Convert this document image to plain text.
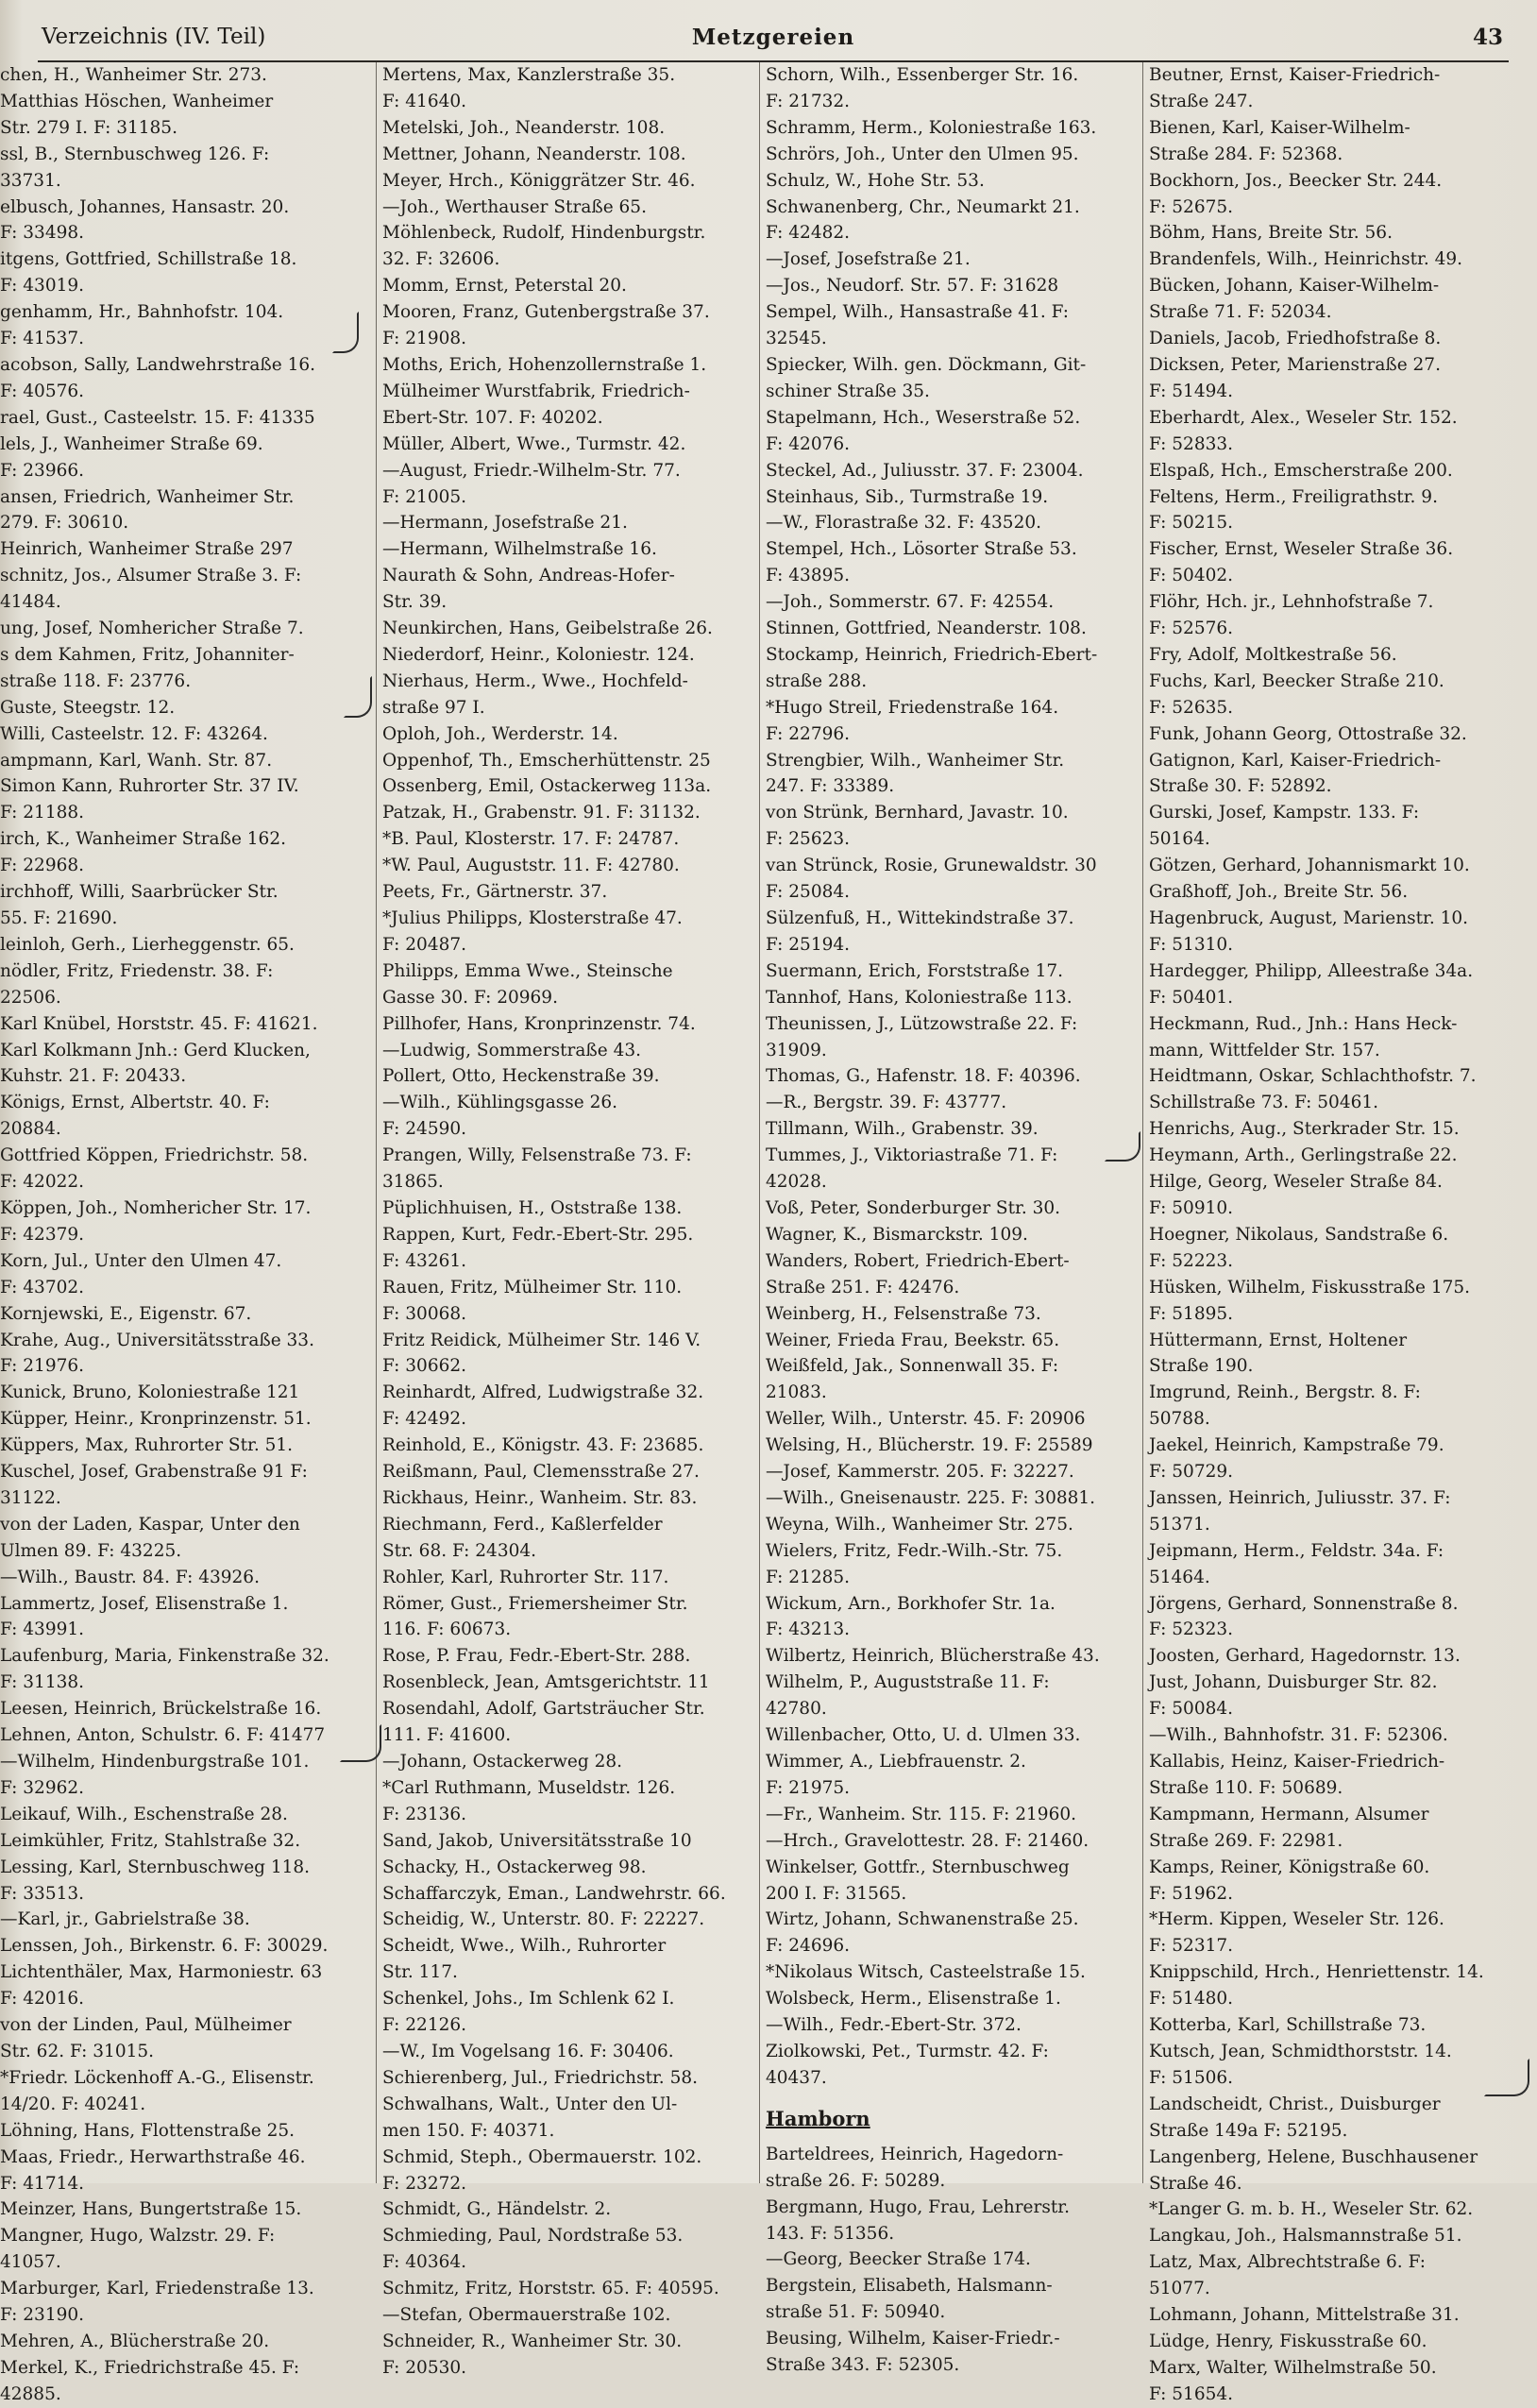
Verzeichnis (IV. Teil)	Metzgereien	43
chen, H., Wanheimer Str. 273.
Matthias Höschen, Wanheimer
Str. 279 I. F: 31185.
ssl, B., Sternbuschweg 126. F:
33731.
elbusch, Johannes, Hansastr. 20.
F: 33498.
itgens, Gottfried, Schillstraße 18.
F: 43019.
genhamm, Hr., Bahnhofstr. 104.
F: 41537.
acobson, Sally, Landwehrstraße 16.
F: 40576.
rael, Gust., Casteelstr. 15. F: 41335
lels, J., Wanheimer Straße 69.
F: 23966.
ansen, Friedrich, Wanheimer Str.
279. F: 30610.
Heinrich, Wanheimer Straße 297
schnitz, Jos., Alsumer Straße 3. F:
41484.
ung, Josef, Nomhericher Straße 7.
s dem Kahmen, Fritz, Johanniter-
straße 118. F: 23776.
Guste, Steegstr. 12.
Willi, Casteelstr. 12. F: 43264.
ampmann, Karl, Wanh. Str. 87.
Simon Kann, Ruhrorter Str. 37 IV.
F: 21188.
irch, K., Wanheimer Straße 162.
F: 22968.
irchhoff, Willi, Saarbrücker Str.
55. F: 21690.
leinloh, Gerh., Lierheggenstr. 65.
nödler, Fritz, Friedenstr. 38. F:
22506.
Karl Knübel, Horststr. 45. F: 41621.
Karl Kolkmann Jnh.: Gerd Klucken,
Kuhstr. 21. F: 20433.
Königs, Ernst, Albertstr. 40. F:
20884.
Gottfried Köppen, Friedrichstr. 58.
F: 42022.
Köppen, Joh., Nomhericher Str. 17.
F: 42379.
Korn, Jul., Unter den Ulmen 47.
F: 43702.
Kornjewski, E., Eigenstr. 67.
Krahe, Aug., Universitätsstraße 33.
F: 21976.
Kunick, Bruno, Koloniestraße 121
Küpper, Heinr., Kronprinzenstr. 51.
Küppers, Max, Ruhrorter Str. 51.
Kuschel, Josef, Grabenstraße 91 F:
31122.
von der Laden, Kaspar, Unter den
Ulmen 89. F: 43225.
—Wilh., Baustr. 84. F: 43926.
Lammertz, Josef, Elisenstraße 1.
F: 43991.
Laufenburg, Maria, Finkenstraße 32.
F: 31138.
Leesen, Heinrich, Brückelstraße 16.
Lehnen, Anton, Schulstr. 6. F: 41477
—Wilhelm, Hindenburgstraße 101.
F: 32962.
Leikauf, Wilh., Eschenstraße 28.
Leimkühler, Fritz, Stahlstraße 32.
Lessing, Karl, Sternbuschweg 118.
F: 33513.
—Karl, jr., Gabrielstraße 38.
Lenssen, Joh., Birkenstr. 6. F: 30029.
Lichtenthäler, Max, Harmoniestr. 63
F: 42016.
von der Linden, Paul, Mülheimer
Str. 62. F: 31015.
*Friedr. Löckenhoff A.-G., Elisenstr.
14/20. F: 40241.
Löhning, Hans, Flottenstraße 25.
Maas, Friedr., Herwarthstraße 46.
F: 41714.
Meinzer, Hans, Bungertstraße 15.
Mangner, Hugo, Walzstr. 29. F:
41057.
Marburger, Karl, Friedenstraße 13.
F: 23190.
Mehren, A., Blücherstraße 20.
Merkel, K., Friedrichstraße 45. F:
42885.
Mertens, Max, Kanzlerstraße 35.
F: 41640.
Metelski, Joh., Neanderstr. 108.
Mettner, Johann, Neanderstr. 108.
Meyer, Hrch., Königgrätzer Str. 46.
—Joh., Werthauser Straße 65.
Möhlenbeck, Rudolf, Hindenburgstr.
32. F: 32606.
Momm, Ernst, Peterstal 20.
Mooren, Franz, Gutenbergstraße 37.
F: 21908.
Moths, Erich, Hohenzollernstraße 1.
Mülheimer Wurstfabrik, Friedrich-
Ebert-Str. 107. F: 40202.
Müller, Albert, Wwe., Turmstr. 42.
—August, Friedr.-Wilhelm-Str. 77.
F: 21005.
—Hermann, Josefstraße 21.
—Hermann, Wilhelmstraße 16.
Naurath & Sohn, Andreas-Hofer-
Str. 39.
Neunkirchen, Hans, Geibelstraße 26.
Niederdorf, Heinr., Koloniestr. 124.
Nierhaus, Herm., Wwe., Hochfeld-
straße 97 I.
Oploh, Joh., Werderstr. 14.
Oppenhof, Th., Emscherhüttenstr. 25
Ossenberg, Emil, Ostackerweg 113a.
Patzak, H., Grabenstr. 91. F: 31132.
*B. Paul, Klosterstr. 17. F: 24787.
*W. Paul, Auguststr. 11. F: 42780.
Peets, Fr., Gärtnerstr. 37.
*Julius Philipps, Klosterstraße 47.
F: 20487.
Philipps, Emma Wwe., Steinsche
Gasse 30. F: 20969.
Pillhofer, Hans, Kronprinzenstr. 74.
—Ludwig, Sommerstraße 43.
Pollert, Otto, Heckenstraße 39.
—Wilh., Kühlingsgasse 26.
F: 24590.
Prangen, Willy, Felsenstraße 73. F:
31865.
Püplichhuisen, H., Oststraße 138.
Rappen, Kurt, Fedr.-Ebert-Str. 295.
F: 43261.
Rauen, Fritz, Mülheimer Str. 110.
F: 30068.
Fritz Reidick, Mülheimer Str. 146 V.
F: 30662.
Reinhardt, Alfred, Ludwigstraße 32.
F: 42492.
Reinhold, E., Königstr. 43. F: 23685.
Reißmann, Paul, Clemensstraße 27.
Rickhaus, Heinr., Wanheim. Str. 83.
Riechmann, Ferd., Kaßlerfelder
Str. 68. F: 24304.
Rohler, Karl, Ruhrorter Str. 117.
Römer, Gust., Friemersheimer Str.
116. F: 60673.
Rose, P. Frau, Fedr.-Ebert-Str. 288.
Rosenbleck, Jean, Amtsgerichtstr. 11
Rosendahl, Adolf, Gartsträucher Str.
111. F: 41600.
—Johann, Ostackerweg 28.
*Carl Ruthmann, Museldstr. 126.
F: 23136.
Sand, Jakob, Universitätsstraße 10
Schacky, H., Ostackerweg 98.
Schaffarczyk, Eman., Landwehrstr. 66.
Scheidig, W., Unterstr. 80. F: 22227.
Scheidt, Wwe., Wilh., Ruhrorter
Str. 117.
Schenkel, Johs., Im Schlenk 62 I.
F: 22126.
—W., Im Vogelsang 16. F: 30406.
Schierenberg, Jul., Friedrichstr. 58.
Schwalhans, Walt., Unter den Ul-
men 150. F: 40371.
Schmid, Steph., Obermauerstr. 102.
F: 23272.
Schmidt, G., Händelstr. 2.
Schmieding, Paul, Nordstraße 53.
F: 40364.
Schmitz, Fritz, Horststr. 65. F: 40595.
—Stefan, Obermauerstraße 102.
Schneider, R., Wanheimer Str. 30.
F: 20530.
Schorn, Wilh., Essenberger Str. 16.
F: 21732.
Schramm, Herm., Koloniestraße 163.
Schrörs, Joh., Unter den Ulmen 95.
Schulz, W., Hohe Str. 53.
Schwanenberg, Chr., Neumarkt 21.
F: 42482.
—Josef, Josefstraße 21.
—Jos., Neudorf. Str. 57. F: 31628
Sempel, Wilh., Hansastraße 41. F:
32545.
Spiecker, Wilh. gen. Döckmann, Git-
schiner Straße 35.
Stapelmann, Hch., Weserstraße 52.
F: 42076.
Steckel, Ad., Juliusstr. 37. F: 23004.
Steinhaus, Sib., Turmstraße 19.
—W., Florastraße 32. F: 43520.
Stempel, Hch., Lösorter Straße 53.
F: 43895.
—Joh., Sommerstr. 67. F: 42554.
Stinnen, Gottfried, Neanderstr. 108.
Stockamp, Heinrich, Friedrich-Ebert-
straße 288.
*Hugo Streil, Friedenstraße 164.
F: 22796.
Strengbier, Wilh., Wanheimer Str.
247. F: 33389.
von Strünk, Bernhard, Javastr. 10.
F: 25623.
van Strünck, Rosie, Grunewaldstr. 30
F: 25084.
Sülzenfuß, H., Wittekindstraße 37.
F: 25194.
Suermann, Erich, Forststraße 17.
Tannhof, Hans, Koloniestraße 113.
Theunissen, J., Lützowstraße 22. F:
31909.
Thomas, G., Hafenstr. 18. F: 40396.
—R., Bergstr. 39. F: 43777.
Tillmann, Wilh., Grabenstr. 39.
Tummes, J., Viktoriastraße 71. F:
42028.
Voß, Peter, Sonderburger Str. 30.
Wagner, K., Bismarckstr. 109.
Wanders, Robert, Friedrich-Ebert-
Straße 251. F: 42476.
Weinberg, H., Felsenstraße 73.
Weiner, Frieda Frau, Beekstr. 65.
Weißfeld, Jak., Sonnenwall 35. F:
21083.
Weller, Wilh., Unterstr. 45. F: 20906
Welsing, H., Blücherstr. 19. F: 25589
—Josef, Kammerstr. 205. F: 32227.
—Wilh., Gneisenaustr. 225. F: 30881.
Weyna, Wilh., Wanheimer Str. 275.
Wielers, Fritz, Fedr.-Wilh.-Str. 75.
F: 21285.
Wickum, Arn., Borkhofer Str. 1a.
F: 43213.
Wilbertz, Heinrich, Blücherstraße 43.
Wilhelm, P., Auguststraße 11. F:
42780.
Willenbacher, Otto, U. d. Ulmen 33.
Wimmer, A., Liebfrauenstr. 2.
F: 21975.
—Fr., Wanheim. Str. 115. F: 21960.
—Hrch., Gravelottestr. 28. F: 21460.
Winkelser, Gottfr., Sternbuschweg
200 I. F: 31565.
Wirtz, Johann, Schwanenstraße 25.
F: 24696.
*Nikolaus Witsch, Casteelstraße 15.
Wolsbeck, Herm., Elisenstraße 1.
—Wilh., Fedr.-Ebert-Str. 372.
Ziolkowski, Pet., Turmstr. 42. F:
40437.
Hamborn
Barteldrees, Heinrich, Hagedorn-
straße 26. F: 50289.
Bergmann, Hugo, Frau, Lehrerstr.
143. F: 51356.
—Georg, Beecker Straße 174.
Bergstein, Elisabeth, Halsmann-
straße 51. F: 50940.
Beusing, Wilhelm, Kaiser-Friedr.-
Straße 343. F: 52305.
Beutner, Ernst, Kaiser-Friedrich-
Straße 247.
Bienen, Karl, Kaiser-Wilhelm-
Straße 284. F: 52368.
Bockhorn, Jos., Beecker Str. 244.
F: 52675.
Böhm, Hans, Breite Str. 56.
Brandenfels, Wilh., Heinrichstr. 49.
Bücken, Johann, Kaiser-Wilhelm-
Straße 71. F: 52034.
Daniels, Jacob, Friedhofstraße 8.
Dicksen, Peter, Marienstraße 27.
F: 51494.
Eberhardt, Alex., Weseler Str. 152.
F: 52833.
Elspaß, Hch., Emscherstraße 200.
Feltens, Herm., Freiligrathstr. 9.
F: 50215.
Fischer, Ernst, Weseler Straße 36.
F: 50402.
Flöhr, Hch. jr., Lehnhofstraße 7.
F: 52576.
Fry, Adolf, Moltkestraße 56.
Fuchs, Karl, Beecker Straße 210.
F: 52635.
Funk, Johann Georg, Ottostraße 32.
Gatignon, Karl, Kaiser-Friedrich-
Straße 30. F: 52892.
Gurski, Josef, Kampstr. 133. F:
50164.
Götzen, Gerhard, Johannismarkt 10.
Graßhoff, Joh., Breite Str. 56.
Hagenbruck, August, Marienstr. 10.
F: 51310.
Hardegger, Philipp, Alleestraße 34a.
F: 50401.
Heckmann, Rud., Jnh.: Hans Heck-
mann, Wittfelder Str. 157.
Heidtmann, Oskar, Schlachthofstr. 7.
Schillstraße 73. F: 50461.
Henrichs, Aug., Sterkrader Str. 15.
Heymann, Arth., Gerlingstraße 22.
Hilge, Georg, Weseler Straße 84.
F: 50910.
Hoegner, Nikolaus, Sandstraße 6.
F: 52223.
Hüsken, Wilhelm, Fiskusstraße 175.
F: 51895.
Hüttermann, Ernst, Holtener
Straße 190.
Imgrund, Reinh., Bergstr. 8. F:
50788.
Jaekel, Heinrich, Kampstraße 79.
F: 50729.
Janssen, Heinrich, Juliusstr. 37. F:
51371.
Jeipmann, Herm., Feldstr. 34a. F:
51464.
Jörgens, Gerhard, Sonnenstraße 8.
F: 52323.
Joosten, Gerhard, Hagedornstr. 13.
Just, Johann, Duisburger Str. 82.
F: 50084.
—Wilh., Bahnhofstr. 31. F: 52306.
Kallabis, Heinz, Kaiser-Friedrich-
Straße 110. F: 50689.
Kampmann, Hermann, Alsumer
Straße 269. F: 22981.
Kamps, Reiner, Königstraße 60.
F: 51962.
*Herm. Kippen, Weseler Str. 126.
F: 52317.
Knippschild, Hrch., Henriettenstr. 14.
F: 51480.
Kotterba, Karl, Schillstraße 73.
Kutsch, Jean, Schmidthorststr. 14.
F: 51506.
Landscheidt, Christ., Duisburger
Straße 149a F: 52195.
Langenberg, Helene, Buschhausener
Straße 46.
*Langer G. m. b. H., Weseler Str. 62.
Langkau, Joh., Halsmannstraße 51.
Latz, Max, Albrechtstraße 6. F:
51077.
Lohmann, Johann, Mittelstraße 31.
Lüdge, Henry, Fiskusstraße 60.
Marx, Walter, Wilhelmstraße 50.
F: 51654.
